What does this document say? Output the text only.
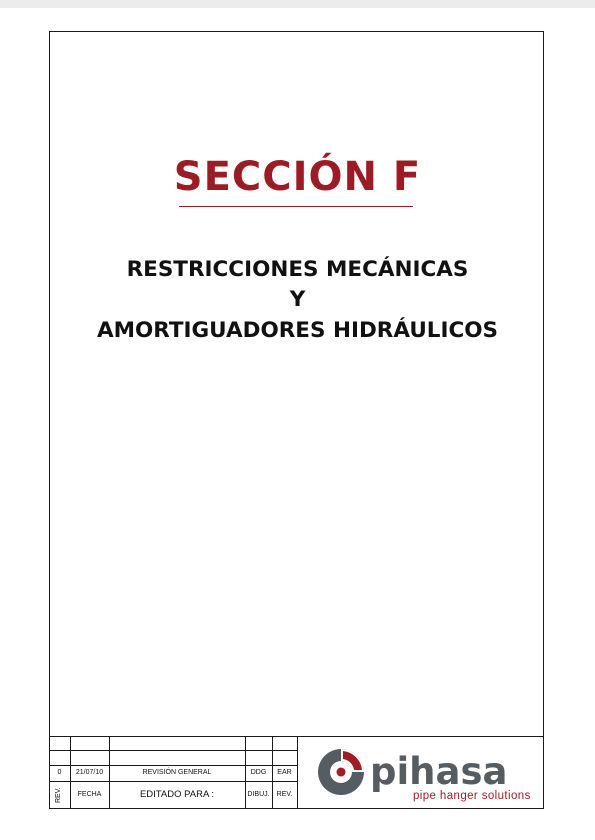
SECCIÓN F
RESTRICCIONES MECÁNICAS
Y
AMORTIGUADORES HIDRÁULICOS
0	21/07/10	REVISIÓN GENERAL	DDG	EAR
REV.	FECHA	EDITADO PARA :	DIBUJ.	REV.
pihasa
pipe hanger solutions
